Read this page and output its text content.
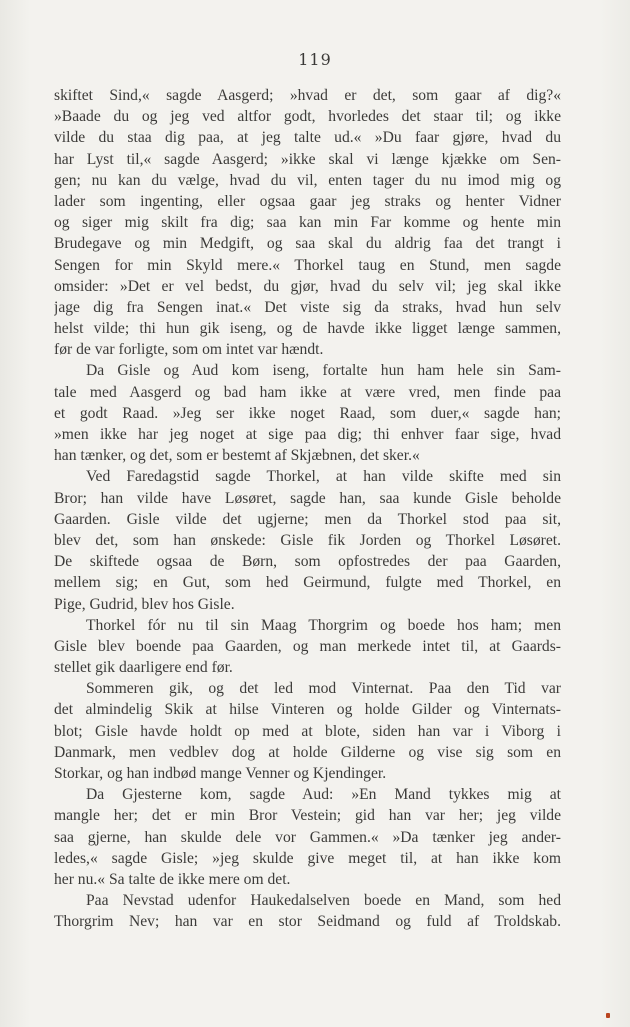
119
skiftet Sind,« sagde Aasgerd; »hvad er det, som gaar af dig?«
»Baade du og jeg ved altfor godt, hvorledes det staar til; og ikke
vilde du staa dig paa, at jeg talte ud.« »Du faar gjøre, hvad du
har Lyst til,« sagde Aasgerd; »ikke skal vi længe kjække om Sen-
gen; nu kan du vælge, hvad du vil, enten tager du nu imod mig og
lader som ingenting, eller ogsaa gaar jeg straks og henter Vidner
og siger mig skilt fra dig; saa kan min Far komme og hente min
Brudegave og min Medgift, og saa skal du aldrig faa det trangt i
Sengen for min Skyld mere.« Thorkel taug en Stund, men sagde
omsider: »Det er vel bedst, du gjør, hvad du selv vil; jeg skal ikke
jage dig fra Sengen inat.« Det viste sig da straks, hvad hun selv
helst vilde; thi hun gik iseng, og de havde ikke ligget længe sammen,
før de var forligte, som om intet var hændt.
Da Gisle og Aud kom iseng, fortalte hun ham hele sin Sam-
tale med Aasgerd og bad ham ikke at være vred, men finde paa
et godt Raad. »Jeg ser ikke noget Raad, som duer,« sagde han;
»men ikke har jeg noget at sige paa dig; thi enhver faar sige, hvad
han tænker, og det, som er bestemt af Skjæbnen, det sker.«
Ved Faredagstid sagde Thorkel, at han vilde skifte med sin
Bror; han vilde have Løsøret, sagde han, saa kunde Gisle beholde
Gaarden. Gisle vilde det ugjerne; men da Thorkel stod paa sit,
blev det, som han ønskede: Gisle fik Jorden og Thorkel Løsøret.
De skiftede ogsaa de Børn, som opfostredes der paa Gaarden,
mellem sig; en Gut, som hed Geirmund, fulgte med Thorkel, en
Pige, Gudrid, blev hos Gisle.
Thorkel fór nu til sin Maag Thorgrim og boede hos ham; men
Gisle blev boende paa Gaarden, og man merkede intet til, at Gaards-
stellet gik daarligere end før.
Sommeren gik, og det led mod Vinternat. Paa den Tid var
det almindelig Skik at hilse Vinteren og holde Gilder og Vinternats-
blot; Gisle havde holdt op med at blote, siden han var i Viborg i
Danmark, men vedblev dog at holde Gilderne og vise sig som en
Storkar, og han indbød mange Venner og Kjendinger.
Da Gjesterne kom, sagde Aud: »En Mand tykkes mig at
mangle her; det er min Bror Vestein; gid han var her; jeg vilde
saa gjerne, han skulde dele vor Gammen.« »Da tænker jeg ander-
ledes,« sagde Gisle; »jeg skulde give meget til, at han ikke kom
her nu.« Sa talte de ikke mere om det.
Paa Nevstad udenfor Haukedalselven boede en Mand, som hed
Thorgrim Nev; han var en stor Seidmand og fuld af Troldskab.
